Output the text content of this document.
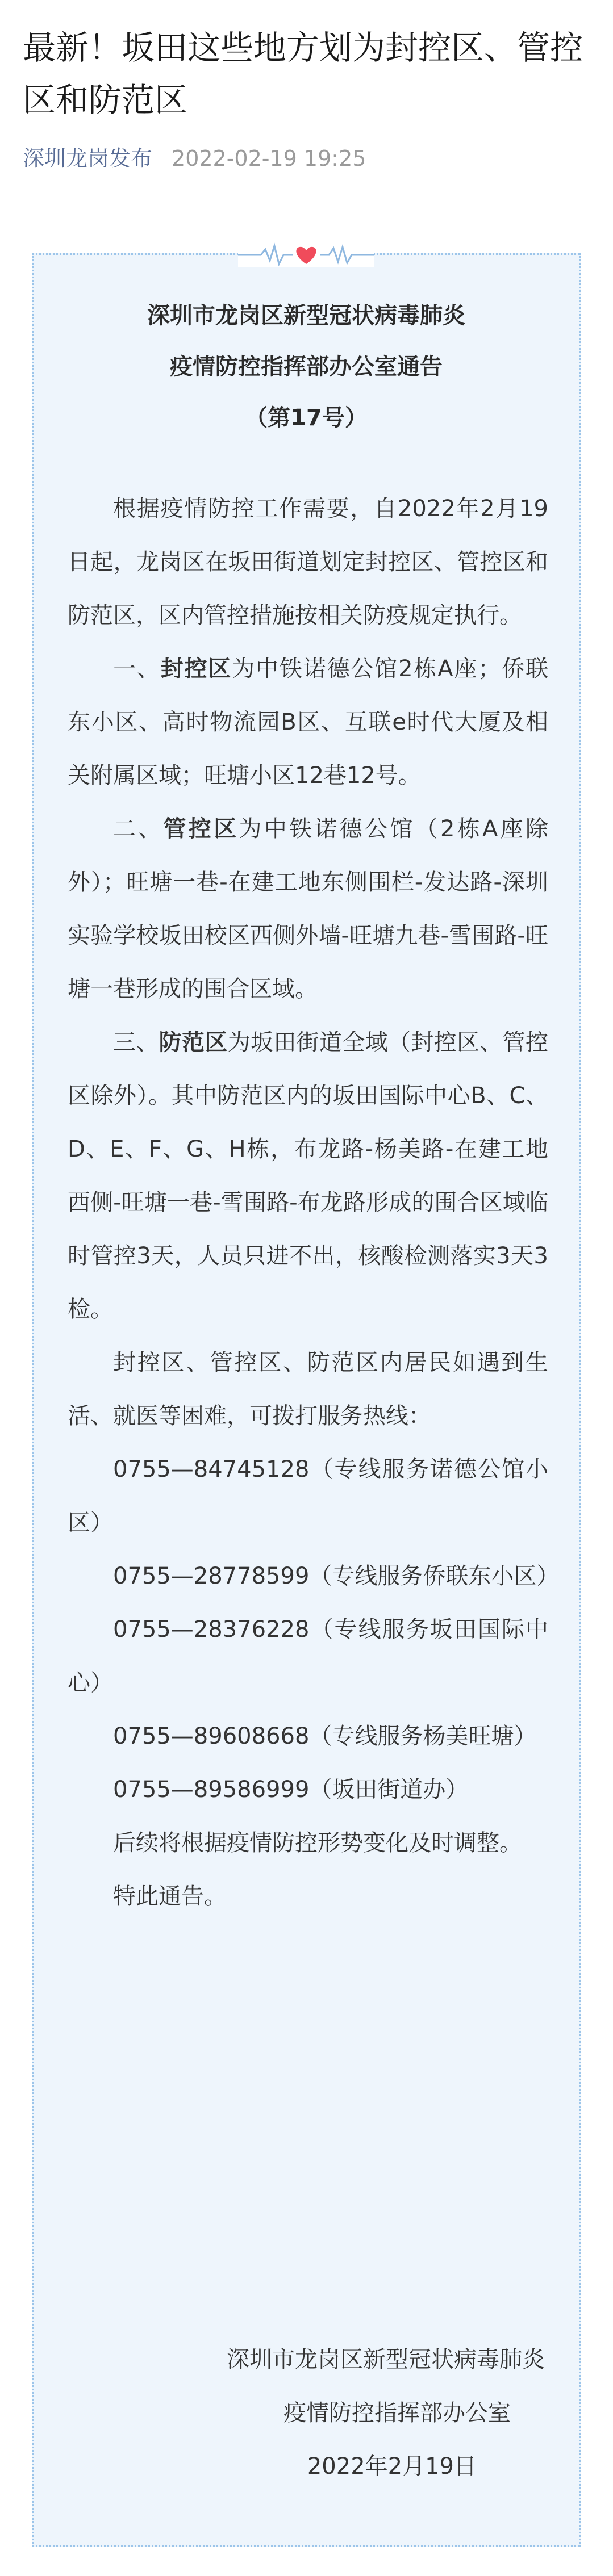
最新！坂田这些地方划为封控区、管控区和防范区
深圳龙岗发布 2022-02-19 19:25
深圳市龙岗区新型冠状病毒肺炎
疫情防控指挥部办公室通告
（第17号）

根据疫情防控工作需要，自2022年2月19日起，龙岗区在坂田街道划定封控区、管控区和防范区，区内管控措施按相关防疫规定执行。

一、封控区为中铁诺德公馆2栋A座；侨联东小区、高时物流园B区、互联e时代大厦及相关附属区域；旺塘小区12巷12号。

二、管控区为中铁诺德公馆（2栋A座除外）；旺塘一巷-在建工地东侧围栏-发达路-深圳实验学校坂田校区西侧外墙-旺塘九巷-雪围路-旺塘一巷形成的围合区域。

三、防范区为坂田街道全域（封控区、管控区除外）。其中防范区内的坂田国际中心B、C、D、E、F、G、H栋，布龙路-杨美路-在建工地西侧-旺塘一巷-雪围路-布龙路形成的围合区域临时管控3天，人员只进不出，核酸检测落实3天3检。

封控区、管控区、防范区内居民如遇到生活、就医等困难，可拨打服务热线：

0755—84745128（专线服务诺德公馆小区）

0755—28778599（专线服务侨联东小区）

0755—28376228（专线服务坂田国际中心）

0755—89608668（专线服务杨美旺塘）

0755—89586999（坂田街道办）

后续将根据疫情防控形势变化及时调整。

特此通告。

深圳市龙岗区新型冠状病毒肺炎
疫情防控指挥部办公室
2022年2月19日
